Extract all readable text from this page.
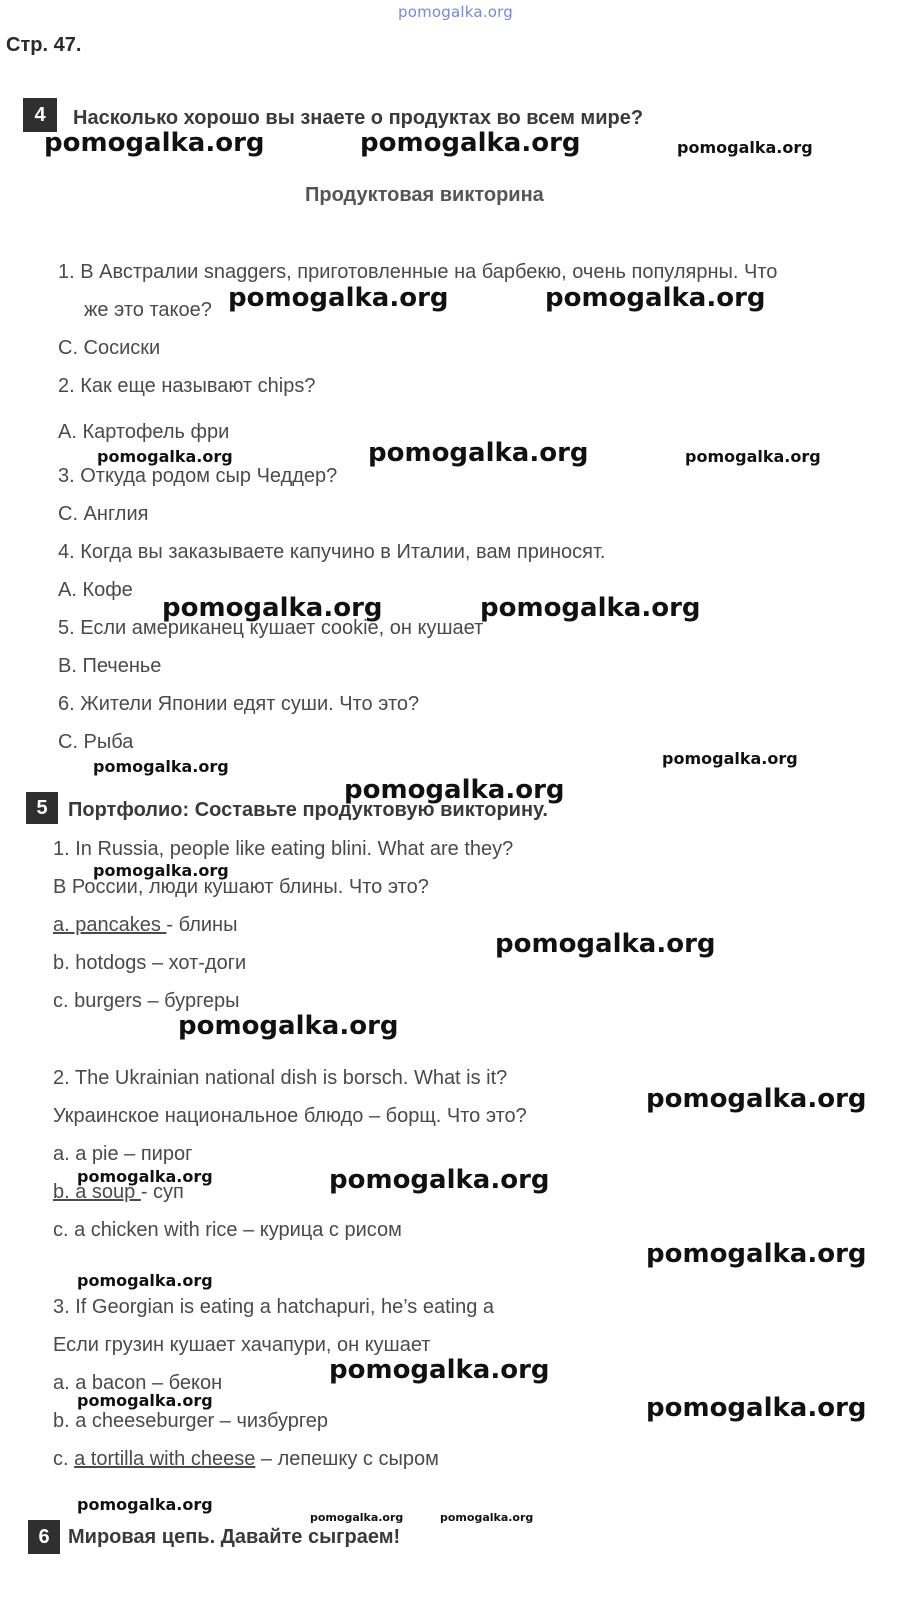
pomogalka.org
Стр. 47.
4 Насколько хорошо вы знаете о продуктах во всем мире?
Продуктовая викторина
1. В Австралии snaggers, приготовленные на барбекю, очень популярны. Что
же это такое?
С. Сосиски
2. Как еще называют chips?
А. Картофель фри
3. Откуда родом сыр Чеддер?
С. Англия
4. Когда вы заказываете капучино в Италии, вам приносят.
А. Кофе
5. Если американец кушает cookie, он кушает
В. Печенье
6. Жители Японии едят суши. Что это?
С. Рыба
5 Портфолио: Составьте продуктовую викторину.
1. In Russia, people like eating blini. What are they?
В России, люди кушают блины. Что это?
a. pancakes - блины
b. hotdogs – хот-доги
c. burgers – бургеры
2. The Ukrainian national dish is borsch. What is it?
Украинское национальное блюдо – борщ. Что это?
a. a pie – пирог
b. a soup - суп
c. a chicken with rice – курица с рисом
3. If Georgian is eating a hatchapuri, he’s eating a
Если грузин кушает хачапури, он кушает
a. a bacon – бекон
b. a cheeseburger – чизбургер
c. a tortilla with cheese – лепешку с сыром
6 Мировая цепь. Давайте сыграем!
pomogalka.org	pomogalka.org	pomogalka.org
pomogalka.org	pomogalka.org
pomogalka.org	pomogalka.org	pomogalka.org
pomogalka.org	pomogalka.org
pomogalka.org
pomogalka.org
pomogalka.org
pomogalka.org
pomogalka.org
pomogalka.org
pomogalka.org
pomogalka.org	pomogalka.org
pomogalka.org
pomogalka.org
pomogalka.org
pomogalka.org	pomogalka.org
pomogalka.org
pomogalka.org	pomogalka.org
